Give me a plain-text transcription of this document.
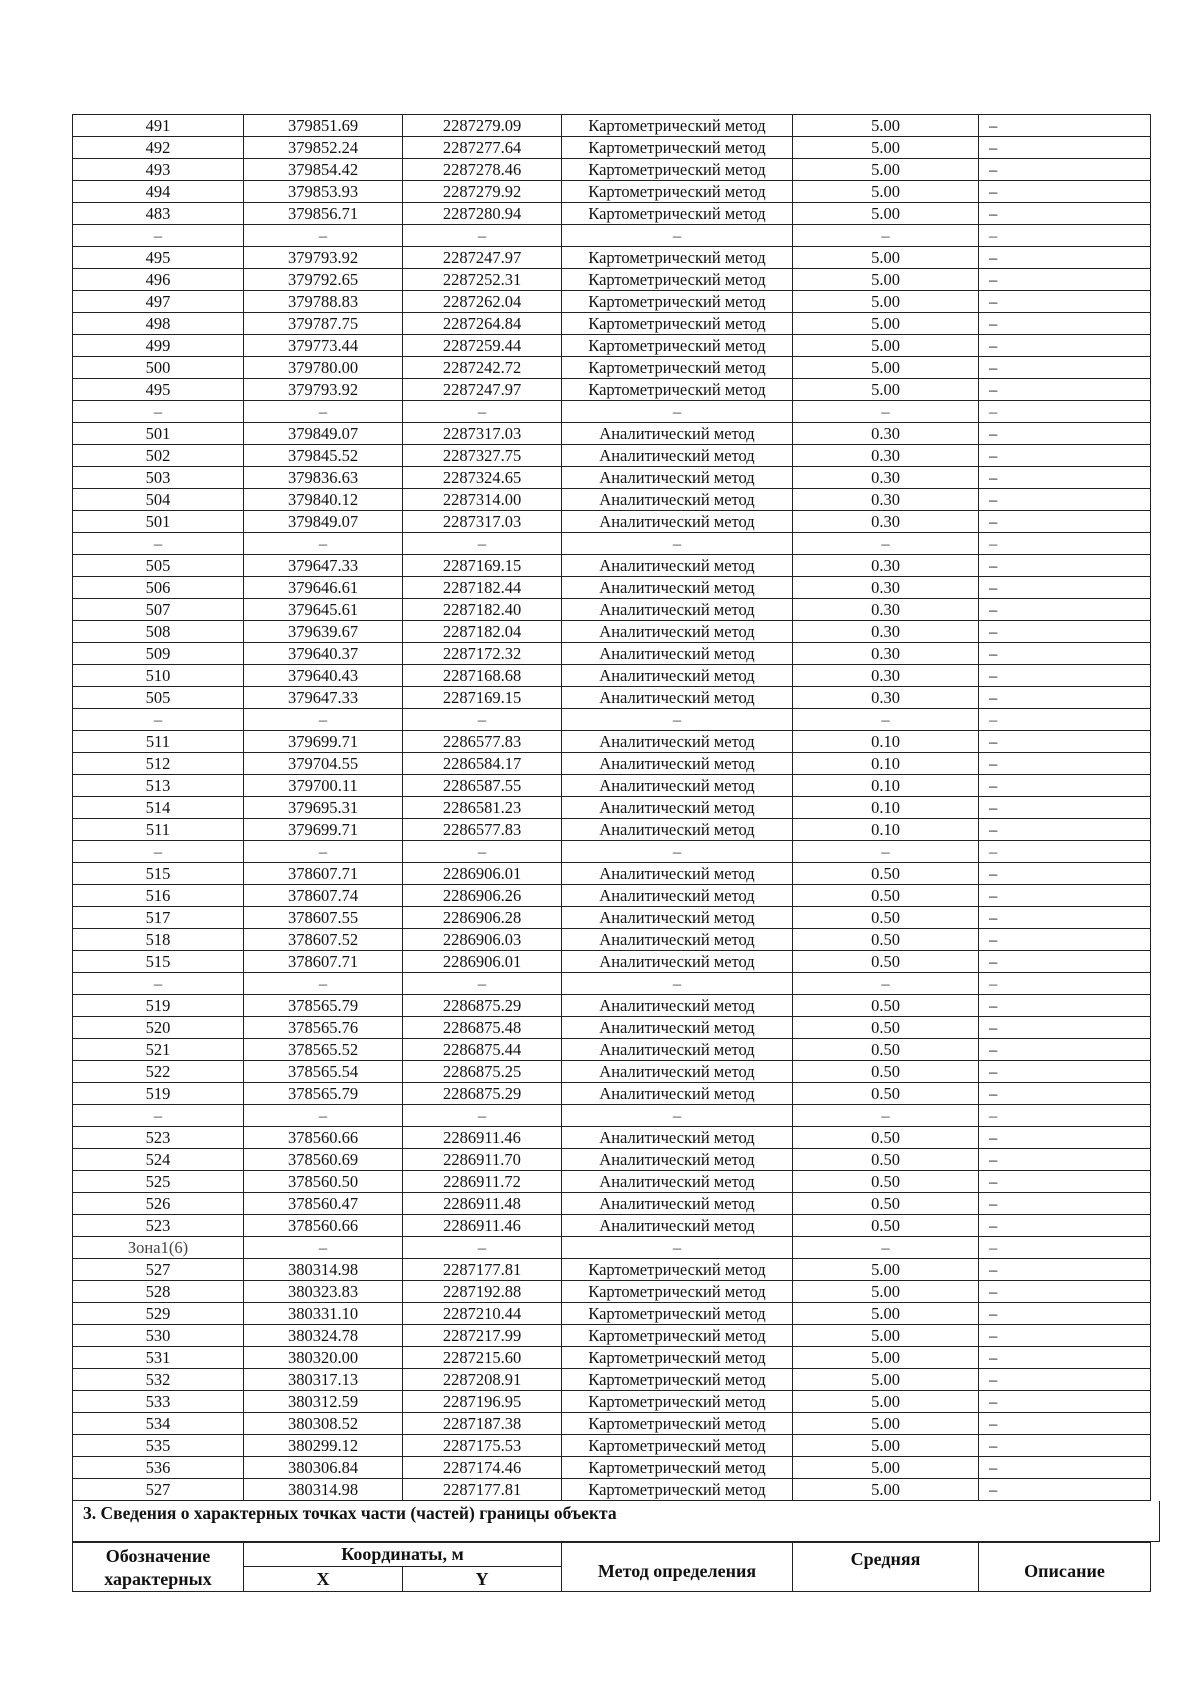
491	379851.69	2287279.09	Картометрический метод	5.00	–
492	379852.24	2287277.64	Картометрический метод	5.00	–
493	379854.42	2287278.46	Картометрический метод	5.00	–
494	379853.93	2287279.92	Картометрический метод	5.00	–
483	379856.71	2287280.94	Картометрический метод	5.00	–
–	–	–	–	–	–
495	379793.92	2287247.97	Картометрический метод	5.00	–
496	379792.65	2287252.31	Картометрический метод	5.00	–
497	379788.83	2287262.04	Картометрический метод	5.00	–
498	379787.75	2287264.84	Картометрический метод	5.00	–
499	379773.44	2287259.44	Картометрический метод	5.00	–
500	379780.00	2287242.72	Картометрический метод	5.00	–
495	379793.92	2287247.97	Картометрический метод	5.00	–
–	–	–	–	–	–
501	379849.07	2287317.03	Аналитический метод	0.30	–
502	379845.52	2287327.75	Аналитический метод	0.30	–
503	379836.63	2287324.65	Аналитический метод	0.30	–
504	379840.12	2287314.00	Аналитический метод	0.30	–
501	379849.07	2287317.03	Аналитический метод	0.30	–
–	–	–	–	–	–
505	379647.33	2287169.15	Аналитический метод	0.30	–
506	379646.61	2287182.44	Аналитический метод	0.30	–
507	379645.61	2287182.40	Аналитический метод	0.30	–
508	379639.67	2287182.04	Аналитический метод	0.30	–
509	379640.37	2287172.32	Аналитический метод	0.30	–
510	379640.43	2287168.68	Аналитический метод	0.30	–
505	379647.33	2287169.15	Аналитический метод	0.30	–
–	–	–	–	–	–
511	379699.71	2286577.83	Аналитический метод	0.10	–
512	379704.55	2286584.17	Аналитический метод	0.10	–
513	379700.11	2286587.55	Аналитический метод	0.10	–
514	379695.31	2286581.23	Аналитический метод	0.10	–
511	379699.71	2286577.83	Аналитический метод	0.10	–
–	–	–	–	–	–
515	378607.71	2286906.01	Аналитический метод	0.50	–
516	378607.74	2286906.26	Аналитический метод	0.50	–
517	378607.55	2286906.28	Аналитический метод	0.50	–
518	378607.52	2286906.03	Аналитический метод	0.50	–
515	378607.71	2286906.01	Аналитический метод	0.50	–
–	–	–	–	–	–
519	378565.79	2286875.29	Аналитический метод	0.50	–
520	378565.76	2286875.48	Аналитический метод	0.50	–
521	378565.52	2286875.44	Аналитический метод	0.50	–
522	378565.54	2286875.25	Аналитический метод	0.50	–
519	378565.79	2286875.29	Аналитический метод	0.50	–
–	–	–	–	–	–
523	378560.66	2286911.46	Аналитический метод	0.50	–
524	378560.69	2286911.70	Аналитический метод	0.50	–
525	378560.50	2286911.72	Аналитический метод	0.50	–
526	378560.47	2286911.48	Аналитический метод	0.50	–
523	378560.66	2286911.46	Аналитический метод	0.50	–
Зона1(6)	–	–	–	–	–
527	380314.98	2287177.81	Картометрический метод	5.00	–
528	380323.83	2287192.88	Картометрический метод	5.00	–
529	380331.10	2287210.44	Картометрический метод	5.00	–
530	380324.78	2287217.99	Картометрический метод	5.00	–
531	380320.00	2287215.60	Картометрический метод	5.00	–
532	380317.13	2287208.91	Картометрический метод	5.00	–
533	380312.59	2287196.95	Картометрический метод	5.00	–
534	380308.52	2287187.38	Картометрический метод	5.00	–
535	380299.12	2287175.53	Картометрический метод	5.00	–
536	380306.84	2287174.46	Картометрический метод	5.00	–
527	380314.98	2287177.81	Картометрический метод	5.00	–
3. Сведения о характерных точках части (частей) границы объекта
Обозначение
характерных	Координаты, м		Метод определения	Средняя	Описание
	X	Y			
